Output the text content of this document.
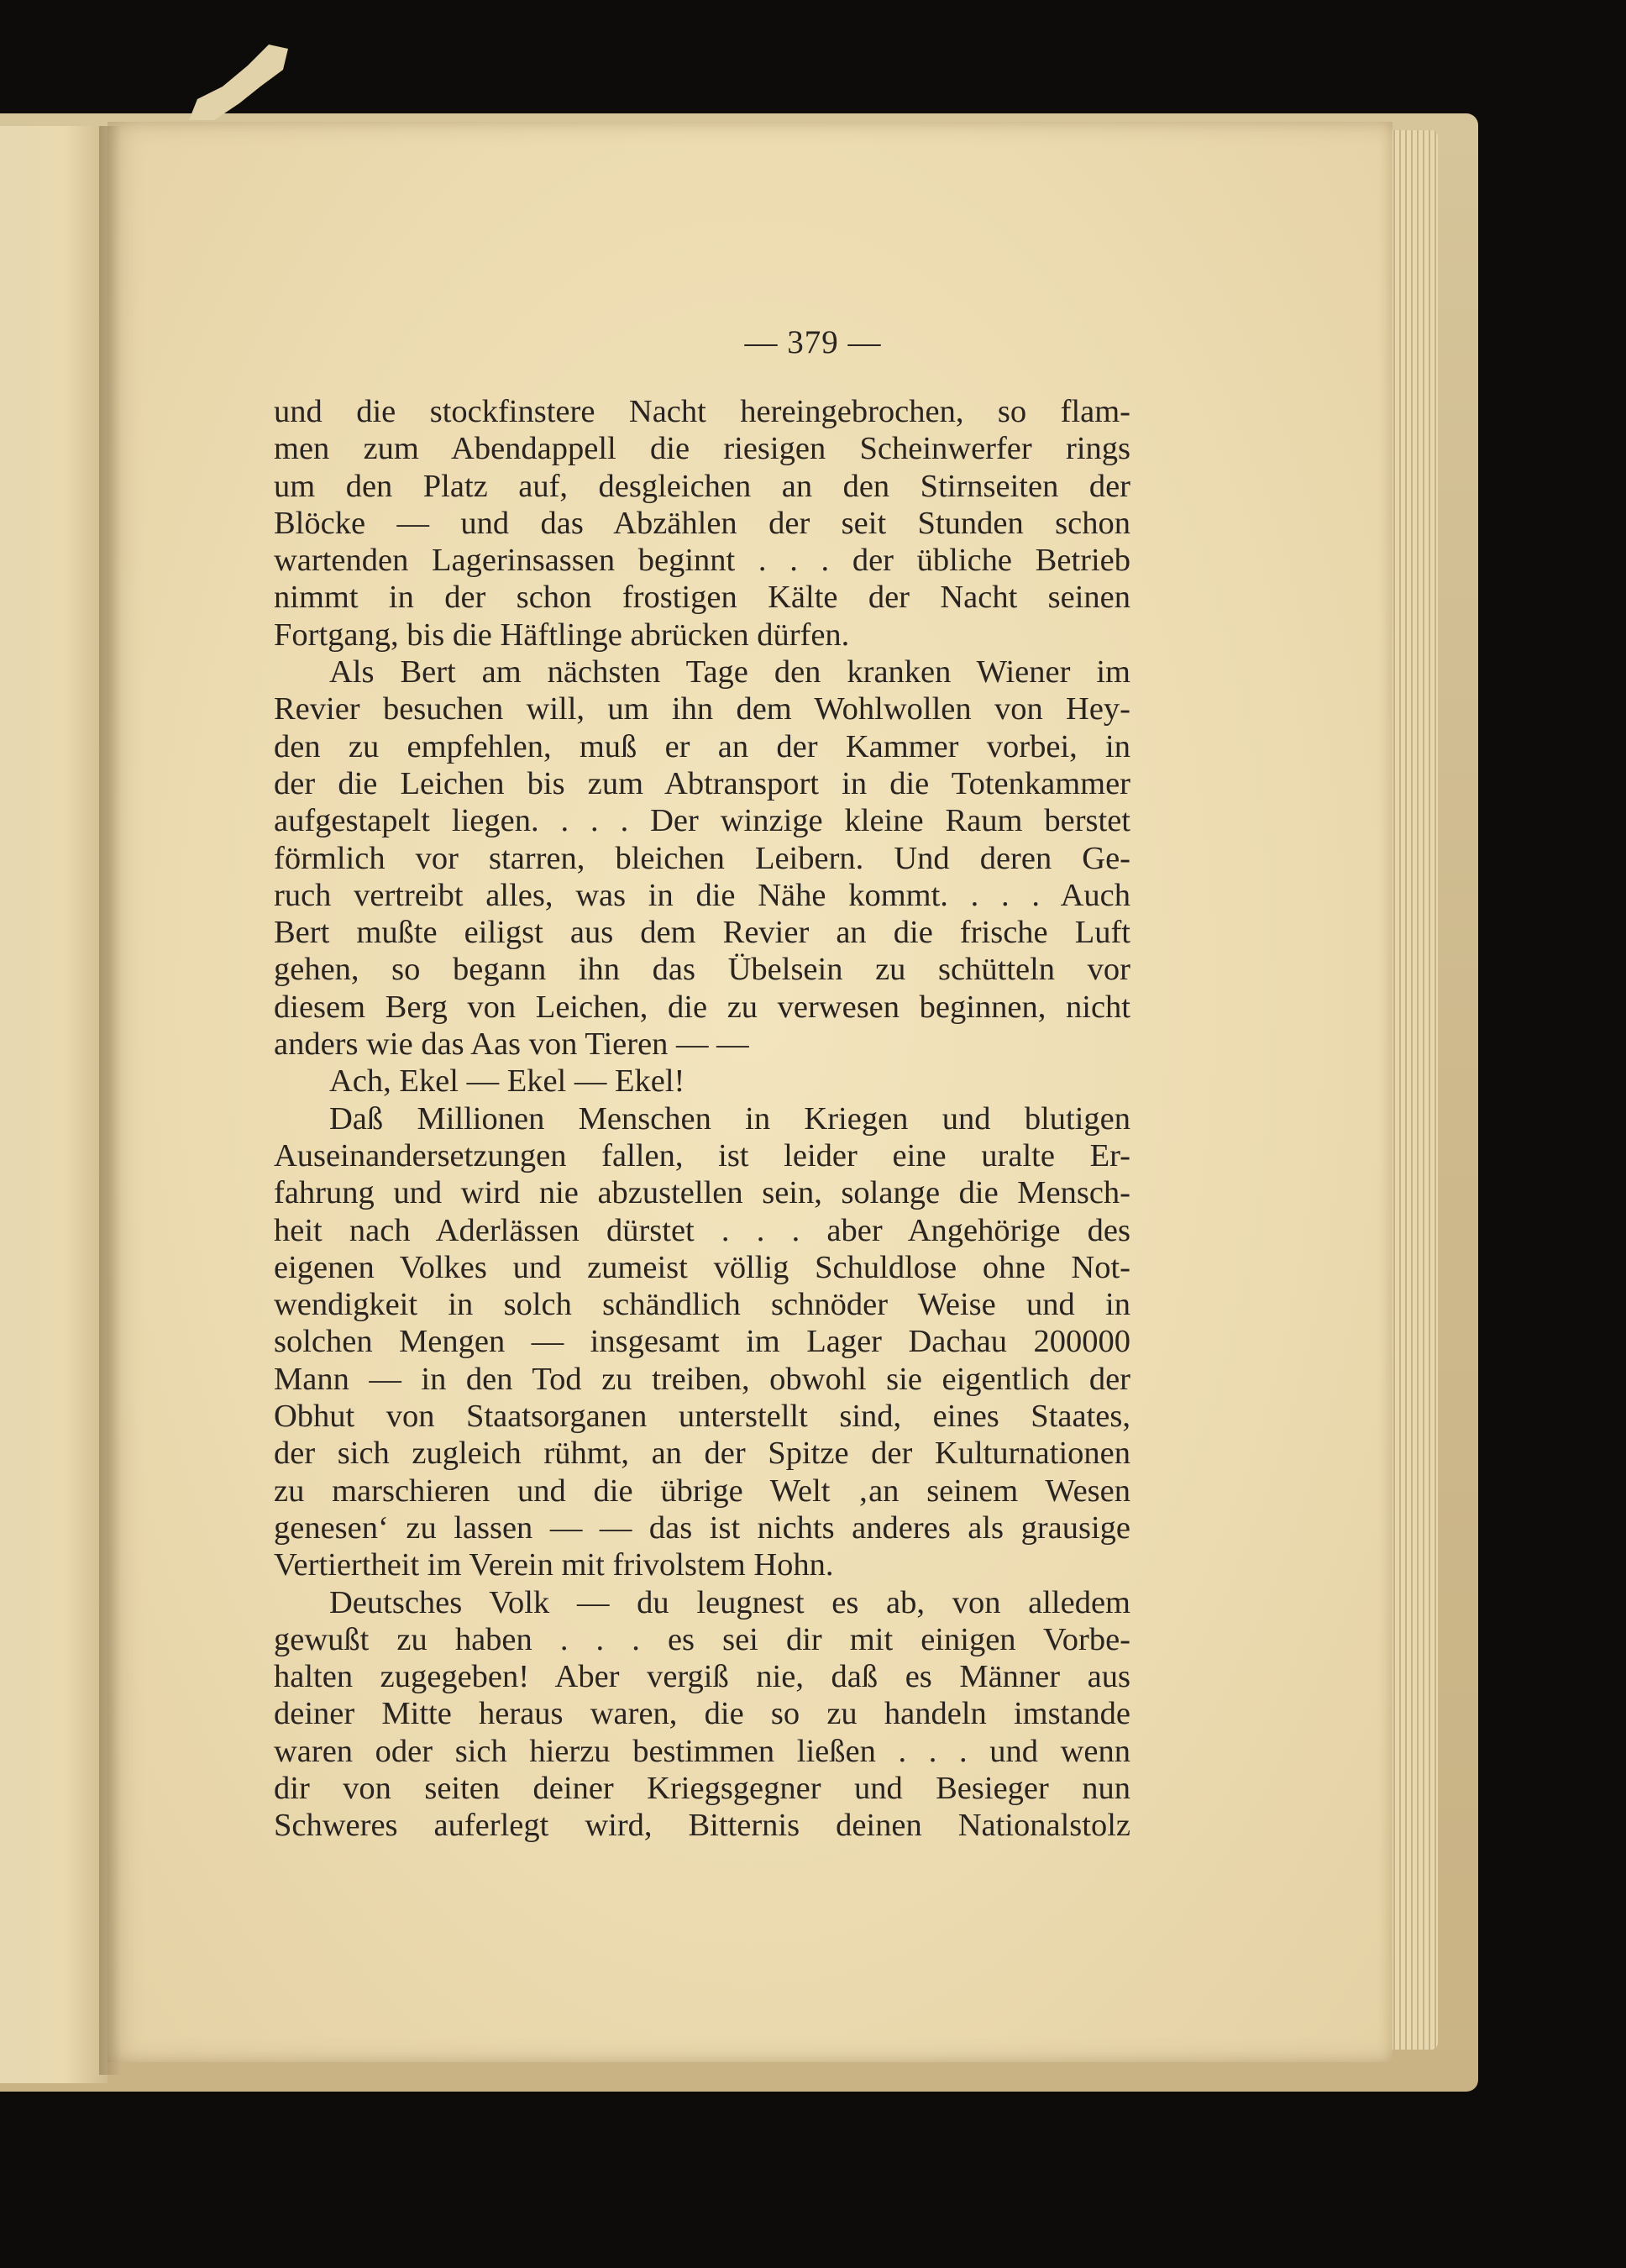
— 379 —
und die stockfinstere Nacht hereingebrochen, so flam-
men zum Abendappell die riesigen Scheinwerfer rings
um den Platz auf, desgleichen an den Stirnseiten der
Blöcke — und das Abzählen der seit Stunden schon
wartenden Lagerinsassen beginnt . . . der übliche Betrieb
nimmt in der schon frostigen Kälte der Nacht seinen
Fortgang, bis die Häftlinge abrücken dürfen.
Als Bert am nächsten Tage den kranken Wiener im
Revier besuchen will, um ihn dem Wohlwollen von Hey-
den zu empfehlen, muß er an der Kammer vorbei, in
der die Leichen bis zum Abtransport in die Totenkammer
aufgestapelt liegen. . . . Der winzige kleine Raum berstet
förmlich vor starren, bleichen Leibern. Und deren Ge-
ruch vertreibt alles, was in die Nähe kommt. . . . Auch
Bert mußte eiligst aus dem Revier an die frische Luft
gehen, so begann ihn das Übelsein zu schütteln vor
diesem Berg von Leichen, die zu verwesen beginnen, nicht
anders wie das Aas von Tieren — —
Ach, Ekel — Ekel — Ekel!
Daß Millionen Menschen in Kriegen und blutigen
Auseinandersetzungen fallen, ist leider eine uralte Er-
fahrung und wird nie abzustellen sein, solange die Mensch-
heit nach Aderlässen dürstet . . . aber Angehörige des
eigenen Volkes und zumeist völlig Schuldlose ohne Not-
wendigkeit in solch schändlich schnöder Weise und in
solchen Mengen — insgesamt im Lager Dachau 200000
Mann — in den Tod zu treiben, obwohl sie eigentlich der
Obhut von Staatsorganen unterstellt sind, eines Staates,
der sich zugleich rühmt, an der Spitze der Kulturnationen
zu marschieren und die übrige Welt ‚an seinem Wesen
genesen‘ zu lassen — — das ist nichts anderes als grausige
Vertiertheit im Verein mit frivolstem Hohn.
Deutsches Volk — du leugnest es ab, von alledem
gewußt zu haben . . . es sei dir mit einigen Vorbe-
halten zugegeben! Aber vergiß nie, daß es Männer aus
deiner Mitte heraus waren, die so zu handeln imstande
waren oder sich hierzu bestimmen ließen . . . und wenn
dir von seiten deiner Kriegsgegner und Besieger nun
Schweres auferlegt wird, Bitternis deinen Nationalstolz
